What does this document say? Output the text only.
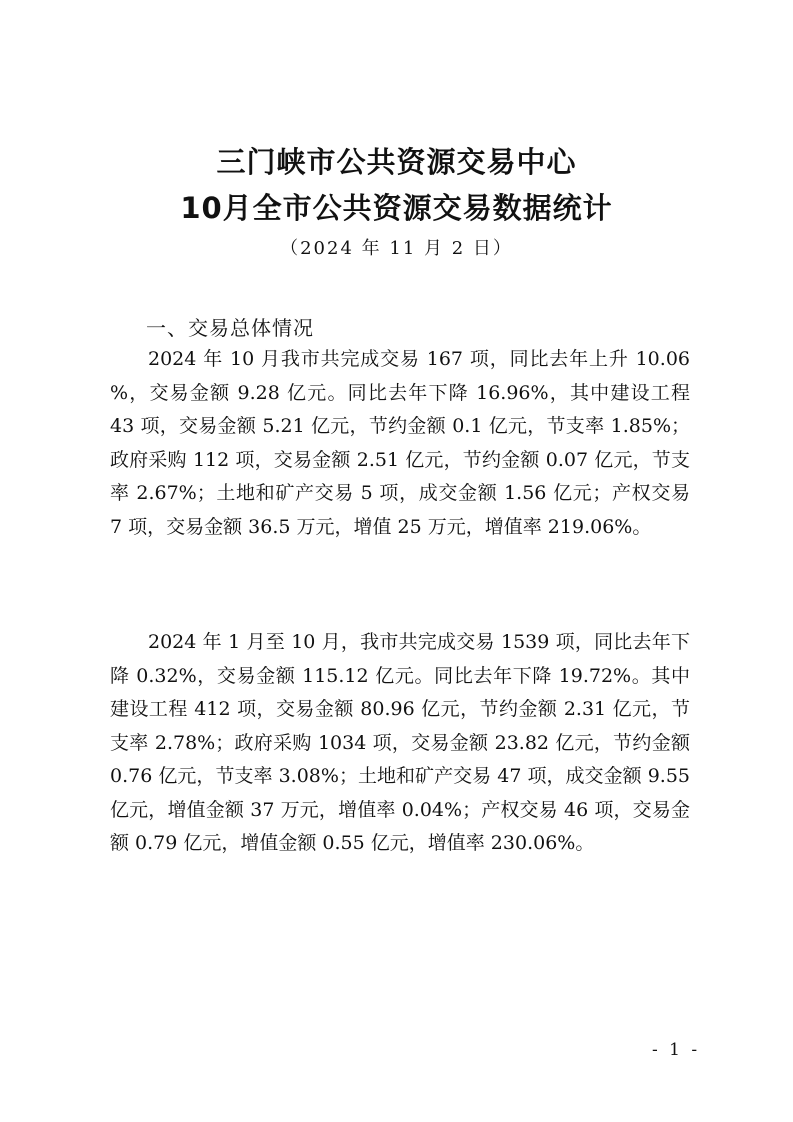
三门峡市公共资源交易中心
10月全市公共资源交易数据统计
（2024 年 11 月 2 日）
一、交易总体情况

2024 年 10 月我市共完成交易 167 项，同比去年上升 10.06 %，交易金额 9.28 亿元。同比去年下降 16.96%，其中建设工程 43 项，交易金额 5.21 亿元，节约金额 0.1 亿元，节支率 1.85%；政府采购 112 项，交易金额 2.51 亿元，节约金额 0.07 亿元，节支率 2.67%；土地和矿产交易 5 项，成交金额 1.56 亿元；产权交易 7 项，交易金额 36.5 万元，增值 25 万元，增值率 219.06%。

2024 年 1 月至 10 月，我市共完成交易 1539 项，同比去年下降 0.32%，交易金额 115.12 亿元。同比去年下降 19.72%。其中建设工程 412 项，交易金额 80.96 亿元，节约金额 2.31 亿元，节支率 2.78%；政府采购 1034 项，交易金额 23.82 亿元，节约金额 0.76 亿元，节支率 3.08%；土地和矿产交易 47 项，成交金额 9.55 亿元，增值金额 37 万元，增值率 0.04%；产权交易 46 项，交易金额 0.79 亿元，增值金额 0.55 亿元，增值率 230.06%。

- 1 -
